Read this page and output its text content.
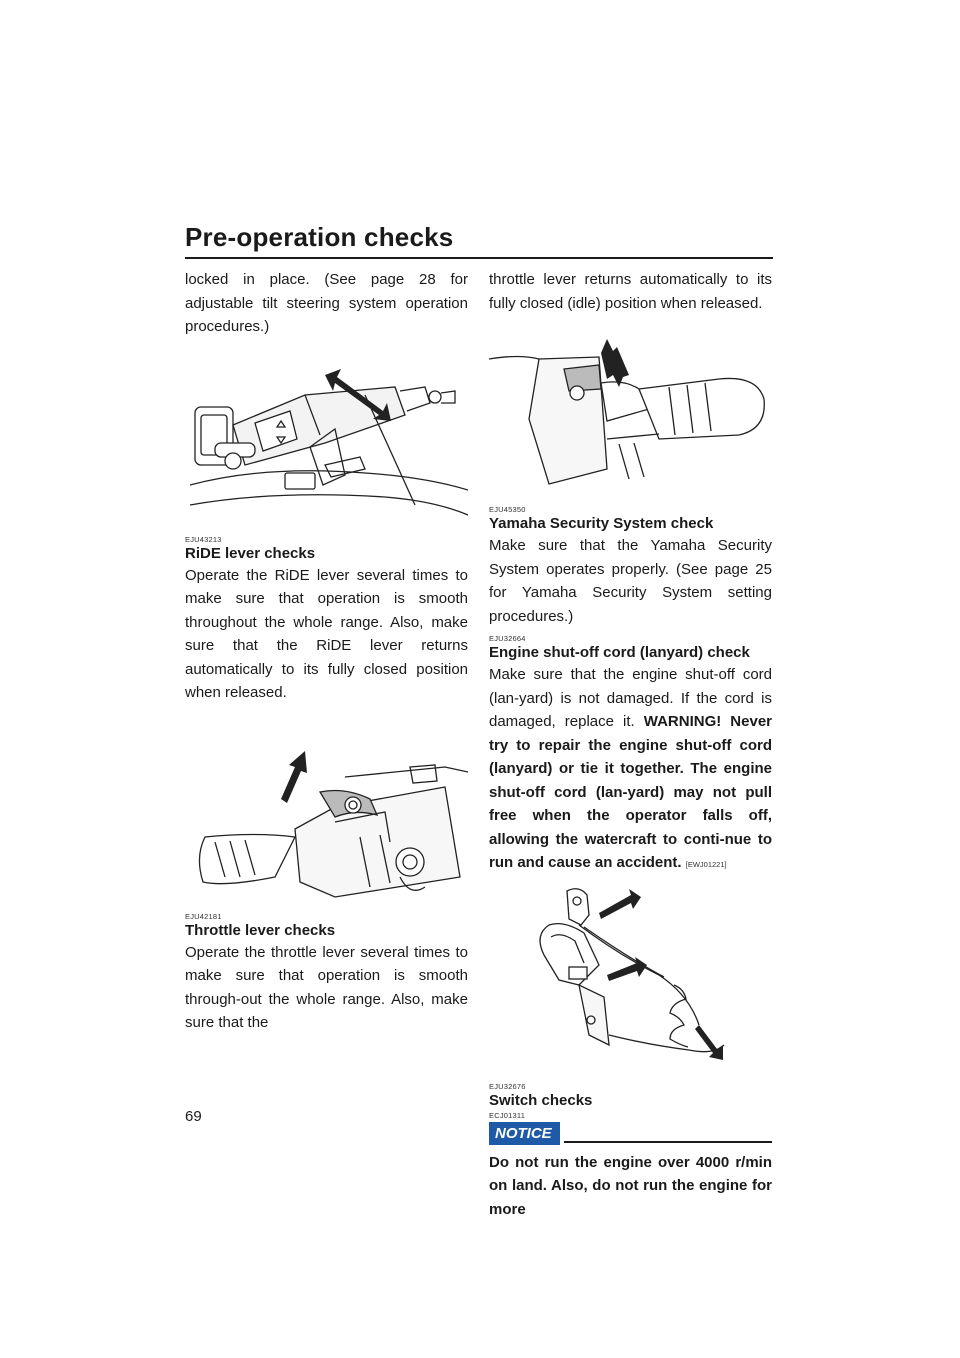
Pre-operation checks

locked in place. (See page 28 for adjustable tilt steering system operation procedures.)

EJU43213

RiDE lever checks

Operate the RiDE lever several times to make sure that operation is smooth throughout the whole range. Also, make sure that the RiDE lever returns automatically to its fully closed position when released.

EJU42181

Throttle lever checks

Operate the throttle lever several times to make sure that operation is smooth through-out the whole range. Also, make sure that the

throttle lever returns automatically to its fully closed (idle) position when released.

EJU45350

Yamaha Security System check

Make sure that the Yamaha Security System operates properly. (See page 25 for Yamaha Security System setting procedures.)

EJU32664

Engine shut-off cord (lanyard) check

Make sure that the engine shut-off cord (lan-yard) is not damaged. If the cord is damaged, replace it. WARNING! Never try to repair the engine shut-off cord (lanyard) or tie it together. The engine shut-off cord (lan-yard) may not pull free when the operator falls off, allowing the watercraft to conti-nue to run and cause an accident. [EWJ01221]

EJU32676

Switch checks

ECJ01311

NOTICE

Do not run the engine over 4000 r/min on land. Also, do not run the engine for more

69
